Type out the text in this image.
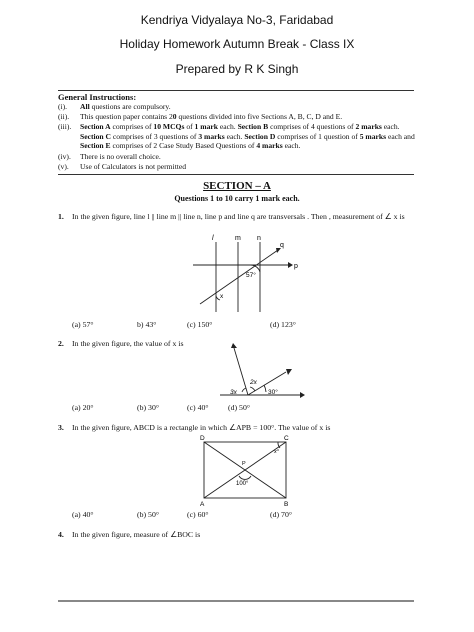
Kendriya Vidyalaya No-3, Faridabad
Holiday Homework Autumn Break - Class IX
Prepared by R K Singh
General Instructions:
(i). All questions are compulsory.
(ii). This question paper contains 20 questions divided into five Sections A, B, C, D and E.
(iii). Section A comprises of 10 MCQs of 1 mark each. Section B comprises of 4 questions of 2 marks each. Section C comprises of 3 questions of 3 marks each. Section D comprises of 1 question of 5 marks each and Section E comprises of 2 Case Study Based Questions of 4 marks each.
(iv). There is no overall choice.
(v). Use of Calculators is not permitted
SECTION – A
Questions 1 to 10 carry 1 mark each.
1. In the given figure, line l || line m || line n, line p and line q are transversals . Then , measurement of ∠ x is
l	m n
q
p
57°
x
(a) 57°	b) 43°	(c) 150°	(d) 123°
2. In the given figure, the value of x is
2x
3x	30°
(a) 20°	(b) 30°	(c) 40° (d) 50°
3. In the given figure, ABCD is a rectangle in which ∠APB = 100°. The value of x is
D	C
A	B
P
x°
100°
(a) 40°	(b) 50°	(c) 60°	(d) 70°
4. In the given figure, measure of ∠BOC is
